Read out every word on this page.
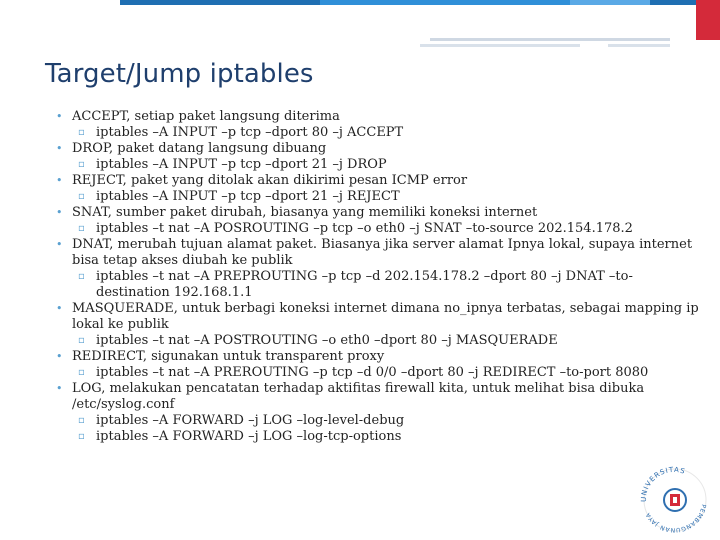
Target/Jump iptables
• ACCEPT, setiap paket langsung diterima
▫ iptables –A INPUT –p tcp –dport 80 –j ACCEPT
• DROP, paket datang langsung dibuang
▫ iptables –A INPUT –p tcp –dport 21 –j DROP
• REJECT, paket yang ditolak akan dikirimi pesan ICMP error
▫ iptables –A INPUT –p tcp –dport 21 –j REJECT
• SNAT, sumber paket dirubah, biasanya yang memiliki koneksi internet
▫ iptables –t nat –A POSROUTING –p tcp –o eth0 –j SNAT –to-source 202.154.178.2
• DNAT, merubah tujuan alamat paket. Biasanya jika server alamat Ipnya lokal, supaya internet bisa tetap akses diubah ke publik
▫ iptables –t nat –A PREPROUTING –p tcp –d 202.154.178.2 –dport 80 –j DNAT –to-destination 192.168.1.1
• MASQUERADE, untuk berbagi koneksi internet dimana no_ipnya terbatas, sebagai mapping ip lokal ke publik
▫ iptables –t nat –A POSTROUTING –o eth0 –dport 80 –j MASQUERADE
• REDIRECT, sigunakan untuk transparent proxy
▫ iptables –t nat –A PREROUTING –p tcp –d 0/0 –dport 80 –j REDIRECT –to-port 8080
• LOG, melakukan pencatatan terhadap aktifitas firewall kita, untuk melihat bisa dibuka /etc/syslog.conf
▫ iptables –A FORWARD –j LOG –log-level-debug
▫ iptables –A FORWARD –j LOG –log-tcp-options
UNIVERSITAS
PEMBANGUNAN JAYA
